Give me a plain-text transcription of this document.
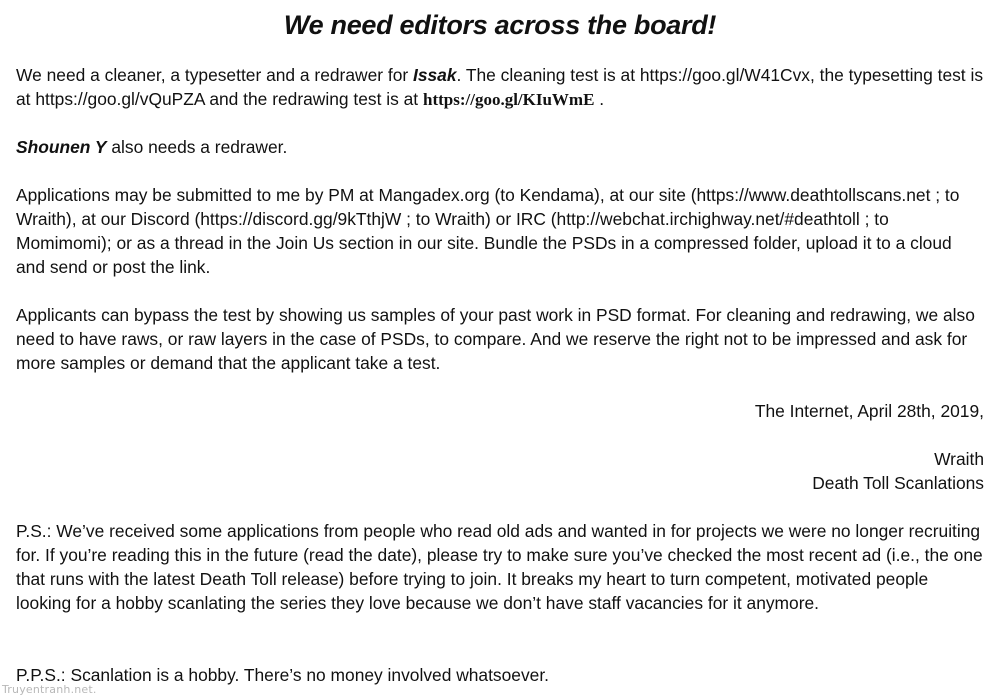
We need editors across the board!

We need a cleaner, a typesetter and a redrawer for Issak. The cleaning test is at https://goo.gl/W41Cvx, the typesetting test is at https://goo.gl/vQuPZA and the redrawing test is at https://goo.gl/KIuWmE .

Shounen Y also needs a redrawer.

Applications may be submitted to me by PM at Mangadex.org (to Kendama), at our site (https://www.deathtollscans.net ; to Wraith), at our Discord (https://discord.gg/9kTthjW ; to Wraith) or IRC (http://webchat.irchighway.net/#deathtoll ; to Momimomi); or as a thread in the Join Us section in our site. Bundle the PSDs in a compressed folder, upload it to a cloud and send or post the link.

Applicants can bypass the test by showing us samples of your past work in PSD format. For cleaning and redrawing, we also need to have raws, or raw layers in the case of PSDs, to compare. And we reserve the right not to be impressed and ask for more samples or demand that the applicant take a test.

The Internet, April 28th, 2019,

Wraith

Death Toll Scanlations

P.S.: We’ve received some applications from people who read old ads and wanted in for projects we were no longer recruiting for. If you’re reading this in the future (read the date), please try to make sure you’ve checked the most recent ad (i.e., the one that runs with the latest Death Toll release) before trying to join. It breaks my heart to turn competent, motivated people looking for a hobby scanlating the series they love because we don’t have staff vacancies for it anymore.

P.P.S.: Scanlation is a hobby. There’s no money involved whatsoever.

Truyentranh.net.
